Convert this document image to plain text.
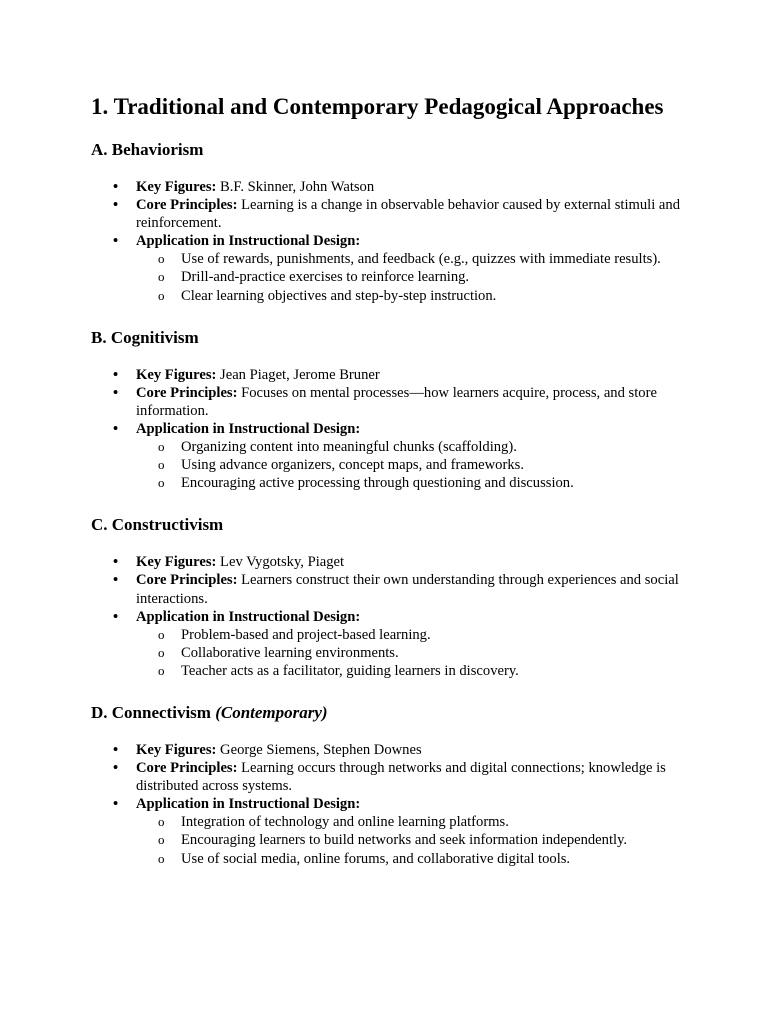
1. Traditional and Contemporary Pedagogical Approaches
A. Behaviorism
• Key Figures: B.F. Skinner, John Watson
• Core Principles: Learning is a change in observable behavior caused by external stimuli and reinforcement.
• Application in Instructional Design:
o Use of rewards, punishments, and feedback (e.g., quizzes with immediate results).
o Drill-and-practice exercises to reinforce learning.
o Clear learning objectives and step-by-step instruction.
B. Cognitivism
• Key Figures: Jean Piaget, Jerome Bruner
• Core Principles: Focuses on mental processes—how learners acquire, process, and store information.
• Application in Instructional Design:
o Organizing content into meaningful chunks (scaffolding).
o Using advance organizers, concept maps, and frameworks.
o Encouraging active processing through questioning and discussion.
C. Constructivism
• Key Figures: Lev Vygotsky, Piaget
• Core Principles: Learners construct their own understanding through experiences and social interactions.
• Application in Instructional Design:
o Problem-based and project-based learning.
o Collaborative learning environments.
o Teacher acts as a facilitator, guiding learners in discovery.
D. Connectivism (Contemporary)
• Key Figures: George Siemens, Stephen Downes
• Core Principles: Learning occurs through networks and digital connections; knowledge is distributed across systems.
• Application in Instructional Design:
o Integration of technology and online learning platforms.
o Encouraging learners to build networks and seek information independently.
o Use of social media, online forums, and collaborative digital tools.
